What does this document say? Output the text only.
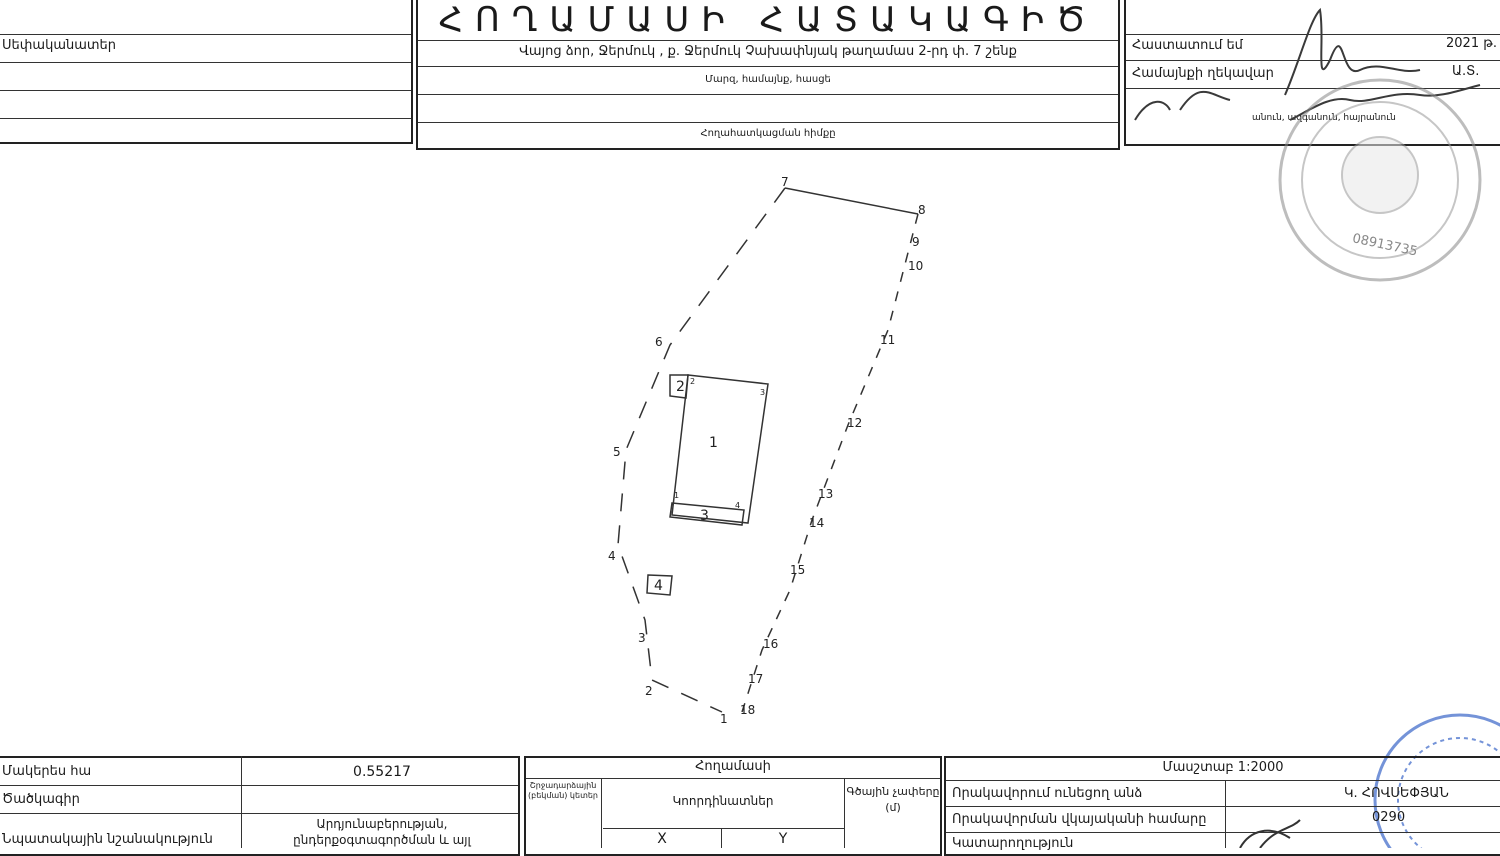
Սեփականատեր
ՀՈՂԱՄԱՍԻ ՀԱՏԱԿԱԳԻԾ
Վայոց ձոր, Ջերմուկ , ք. Ջերմուկ Չախափնյակ թաղամաս 2-րդ փ. 7 շենք
Մարզ, համայնք, հասցե
Հողահատկացման հիմքը
Հաստատում եմ	2021 թ.
Համայնքի ղեկավար	Ա.Տ.
անուն, ազգանուն, հայրանուն
08913735
1
2
3
4
5
6
7
8
9
10
11
12
13
14
15
16
17
18
1
2
3
4
1
2
3
4
Մակերես հա	0.55217
Ծածկագիր
Նպատակային նշանակություն
Արդյունաբերության, ընդերքօգտագործման և այլ
Հողամասի
Շրջադարձային (բեկման) կետեր	Կոորդինատներ
Գծային չափերը (մ)
X	Y
Մասշտաբ 1:2000
Որակավորում ունեցող անձ	Կ. ՀՈՎՍԵՓՅԱՆ
Որակավորման վկայականի համարը	0290
Կատարողություն
